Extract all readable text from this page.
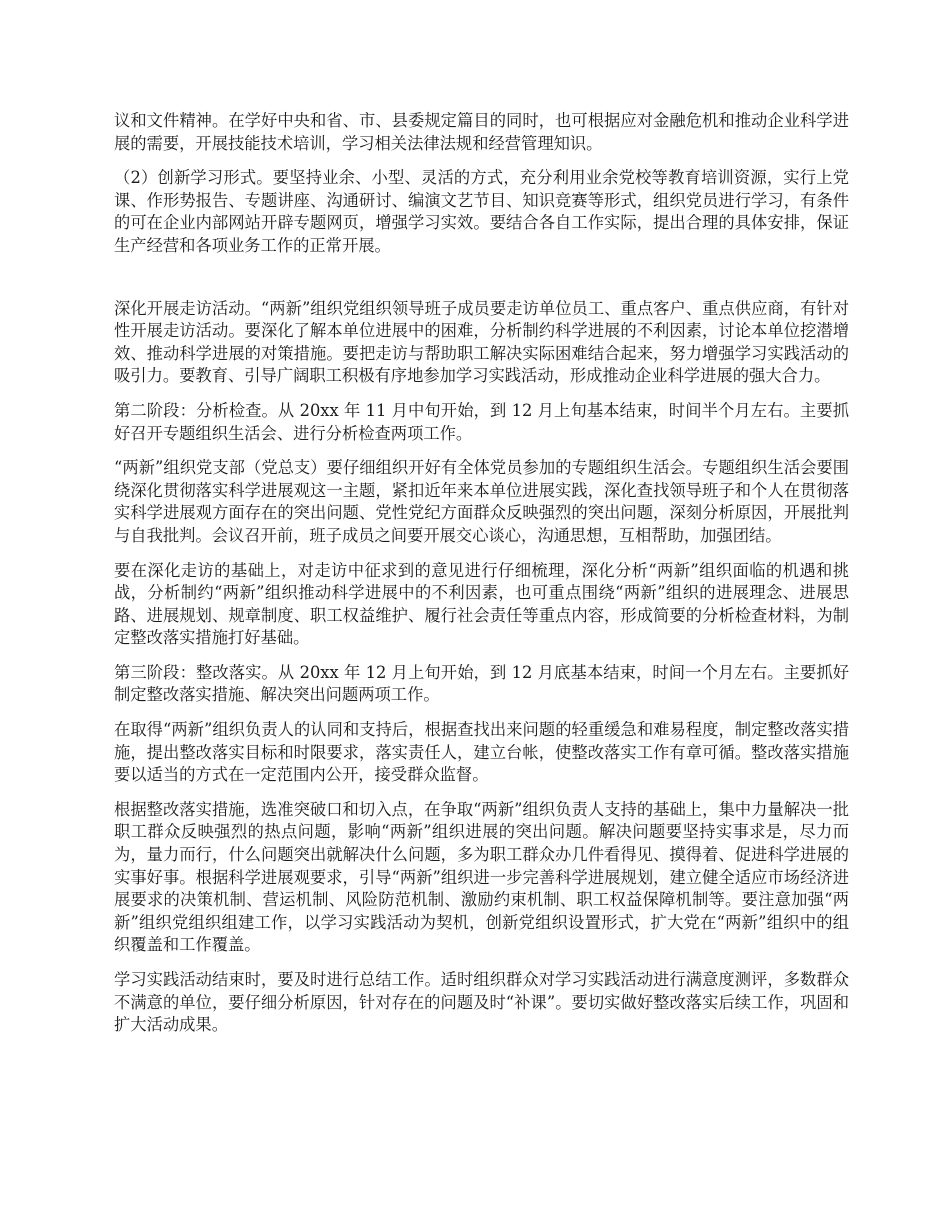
议和文件精神。在学好中央和省、市、县委规定篇目的同时，也可根据应对金融危机和推动企业科学进展的需要，开展技能技术培训，学习相关法律法规和经营管理知识。

（2）创新学习形式。要坚持业余、小型、灵活的方式，充分利用业余党校等教育培训资源，实行上党课、作形势报告、专题讲座、沟通研讨、编演文艺节目、知识竞赛等形式，组织党员进行学习，有条件的可在企业内部网站开辟专题网页，增强学习实效。要结合各自工作实际，提出合理的具体安排，保证生产经营和各项业务工作的正常开展。

深化开展走访活动。“两新”组织党组织领导班子成员要走访单位员工、重点客户、重点供应商，有针对性开展走访活动。要深化了解本单位进展中的困难，分析制约科学进展的不利因素，讨论本单位挖潜增效、推动科学进展的对策措施。要把走访与帮助职工解决实际困难结合起来，努力增强学习实践活动的吸引力。要教育、引导广阔职工积极有序地参加学习实践活动，形成推动企业科学进展的强大合力。

第二阶段：分析检查。从 20xx 年 11 月中旬开始，到 12 月上旬基本结束，时间半个月左右。主要抓好召开专题组织生活会、进行分析检查两项工作。

“两新”组织党支部（党总支）要仔细组织开好有全体党员参加的专题组织生活会。专题组织生活会要围绕深化贯彻落实科学进展观这一主题，紧扣近年来本单位进展实践，深化查找领导班子和个人在贯彻落实科学进展观方面存在的突出问题、党性党纪方面群众反映强烈的突出问题，深刻分析原因，开展批判与自我批判。会议召开前，班子成员之间要开展交心谈心，沟通思想，互相帮助，加强团结。

要在深化走访的基础上，对走访中征求到的意见进行仔细梳理，深化分析“两新”组织面临的机遇和挑战，分析制约“两新”组织推动科学进展中的不利因素，也可重点围绕“两新”组织的进展理念、进展思路、进展规划、规章制度、职工权益维护、履行社会责任等重点内容，形成简要的分析检查材料，为制定整改落实措施打好基础。

第三阶段：整改落实。从 20xx 年 12 月上旬开始，到 12 月底基本结束，时间一个月左右。主要抓好制定整改落实措施、解决突出问题两项工作。

在取得“两新”组织负责人的认同和支持后，根据查找出来问题的轻重缓急和难易程度，制定整改落实措施，提出整改落实目标和时限要求，落实责任人，建立台帐，使整改落实工作有章可循。整改落实措施要以适当的方式在一定范围内公开，接受群众监督。

根据整改落实措施，选准突破口和切入点，在争取“两新”组织负责人支持的基础上，集中力量解决一批职工群众反映强烈的热点问题，影响“两新”组织进展的突出问题。解决问题要坚持实事求是，尽力而为，量力而行，什么问题突出就解决什么问题，多为职工群众办几件看得见、摸得着、促进科学进展的实事好事。根据科学进展观要求，引导“两新”组织进一步完善科学进展规划，建立健全适应市场经济进展要求的决策机制、营运机制、风险防范机制、激励约束机制、职工权益保障机制等。要注意加强“两新”组织党组织组建工作，以学习实践活动为契机，创新党组织设置形式，扩大党在“两新”组织中的组织覆盖和工作覆盖。

学习实践活动结束时，要及时进行总结工作。适时组织群众对学习实践活动进行满意度测评，多数群众不满意的单位，要仔细分析原因，针对存在的问题及时“补课”。要切实做好整改落实后续工作，巩固和扩大活动成果。
